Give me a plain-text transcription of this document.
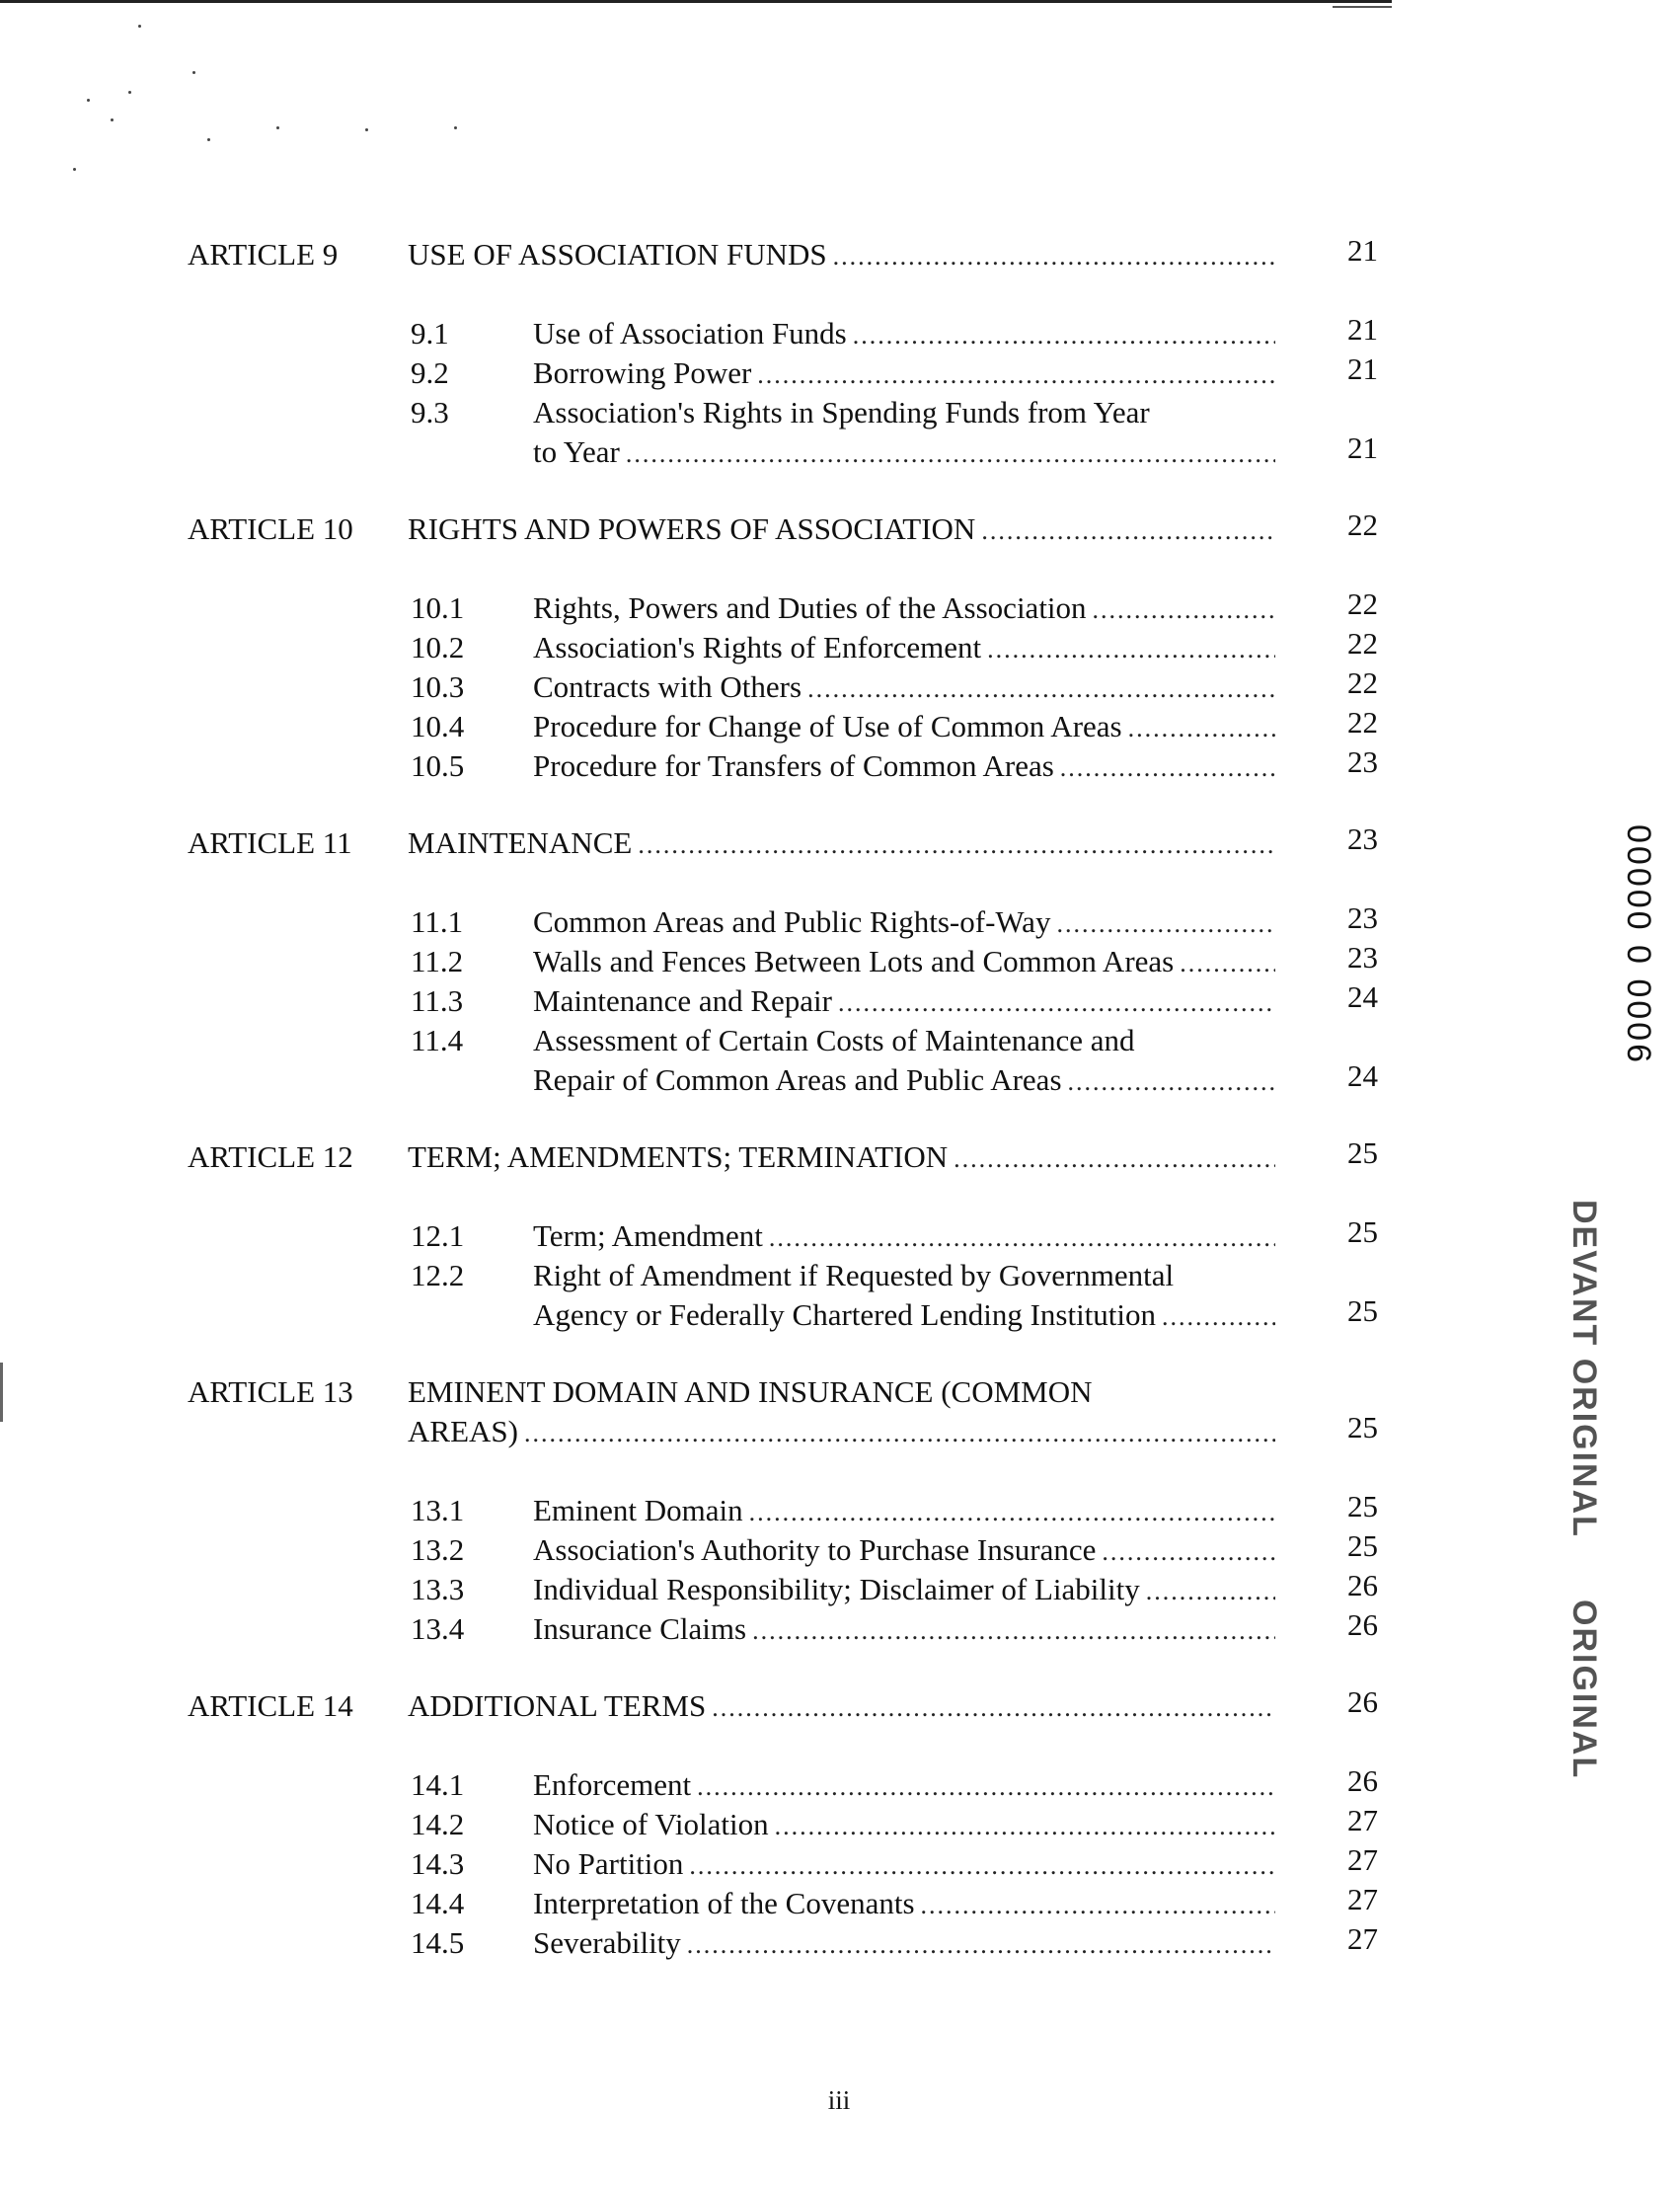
ARTICLE 9 USE OF ASSOCIATION FUNDS .....	21
9.1	Use of Association Funds .....	21
9.2	Borrowing Power .....	21
9.3	Association's Rights in Spending Funds from Year
to Year .....	21
ARTICLE 10 RIGHTS AND POWERS OF ASSOCIATION .....	22
10.1 Rights, Powers and Duties of the Association .....	22
10.2 Association's Rights of Enforcement .....	22
10.3 Contracts with Others .....	22
10.4 Procedure for Change of Use of Common Areas .....	22
10.5 Procedure for Transfers of Common Areas .....	23
ARTICLE 11 MAINTENANCE .....	23
11.1 Common Areas and Public Rights-of-Way .....	23
11.2 Walls and Fences Between Lots and Common Areas .....	23
11.3 Maintenance and Repair .....	24
11.4 Assessment of Certain Costs of Maintenance and
Repair of Common Areas and Public Areas .....	24
ARTICLE 12 TERM; AMENDMENTS; TERMINATION .....	25
12.1 Term; Amendment .....	25
12.2 Right of Amendment if Requested by Governmental
Agency or Federally Chartered Lending Institution .....	25
ARTICLE 13 EMINENT DOMAIN AND INSURANCE (COMMON
AREAS) .....	25
13.1 Eminent Domain .....	25
13.2 Association's Authority to Purchase Insurance .....	25
13.3 Individual Responsibility; Disclaimer of Liability .....	26
13.4 Insurance Claims .....	26
ARTICLE 14 ADDITIONAL TERMS .....	26
14.1 Enforcement .....	26
14.2 Notice of Violation .....	27
14.3 No Partition .....	27
14.4 Interpretation of the Covenants .....	27
14.5 Severability .....	27
iii
00000 0 0006
DEVANT ORIGINAL
ORIGINAL
